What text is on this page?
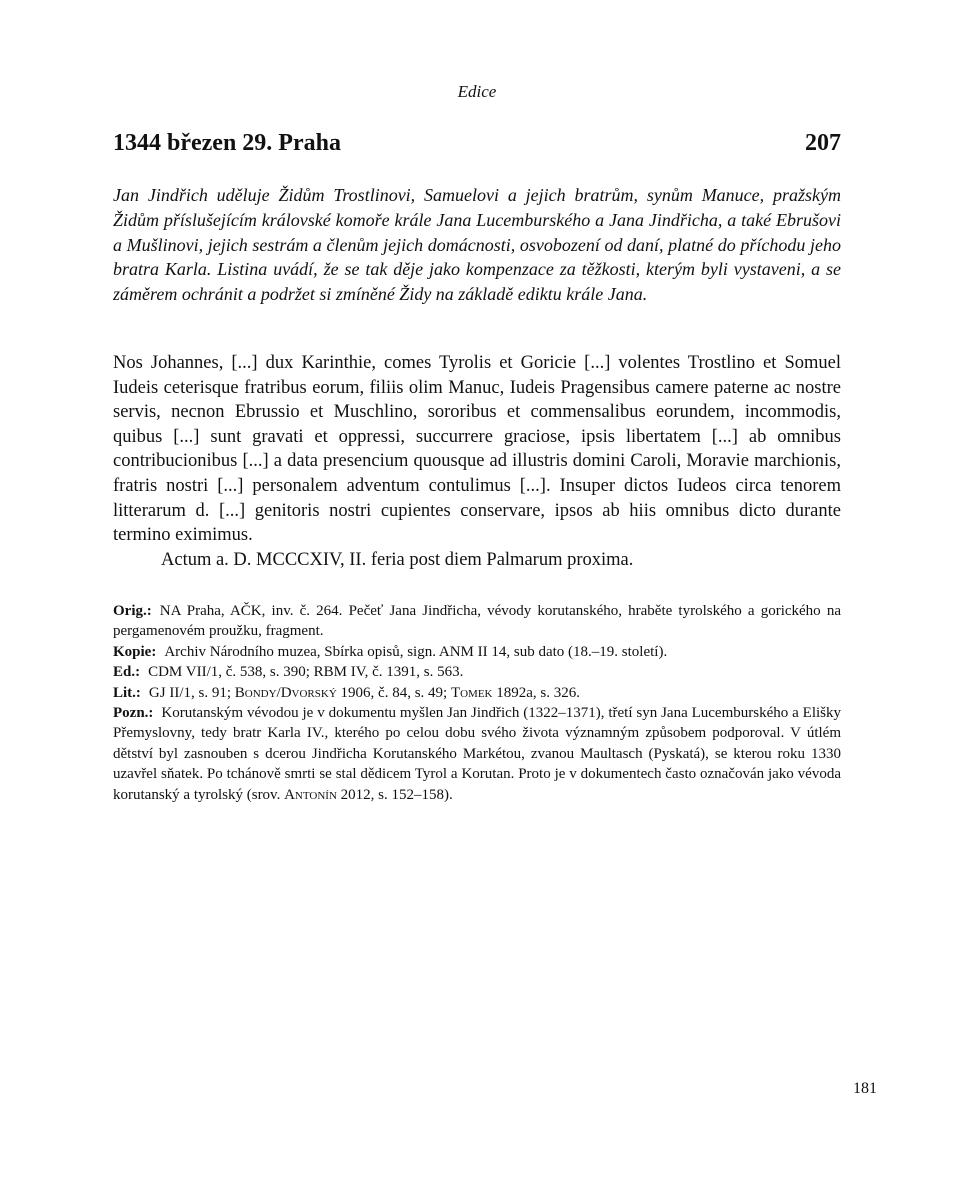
Edice
1344 březen 29. Praha	207
Jan Jindřich uděluje Židům Trostlinovi, Samuelovi a jejich bratrům, synům Manuce, pražským Židům příslušejícím královské komoře krále Jana Lucemburského a Jana Jindřicha, a také Ebrušovi a Mušlinovi, jejich sestrám a členům jejich domácnosti, osvobození od daní, platné do příchodu jeho bratra Karla. Listina uvádí, že se tak děje jako kompenzace za těžkosti, kterým byli vystaveni, a se záměrem ochránit a podržet si zmíněné Židy na základě ediktu krále Jana.

Nos Johannes, [...] dux Karinthie, comes Tyrolis et Goricie [...] volentes Trostlino et Somuel Iudeis ceterisque fratribus eorum, filiis olim Manuc, Iudeis Pragensibus camere paterne ac nostre servis, necnon Ebrussio et Muschlino, sororibus et commensalibus eorundem, incommodis, quibus [...] sunt gravati et oppressi, succurrere graciose, ipsis libertatem [...] ab omnibus contribucionibus [...] a data presencium quousque ad illustris domini Caroli, Moravie marchionis, fratris nostri [...] personalem adventum contulimus [...]. Insuper dictos Iudeos circa tenorem litterarum d. [...] genitoris nostri cupientes conservare, ipsos ab hiis omnibus dicto durante termino eximimus.

Actum a. D. MCCCXIV, II. feria post diem Palmarum proxima.

Orig.: NA Praha, AČK, inv. č. 264. Pečeť Jana Jindřicha, vévody korutanského, hraběte tyrolského a gorického na pergamenovém proužku, fragment.

Kopie: Archiv Národního muzea, Sbírka opisů, sign. ANM II 14, sub dato (18.–19. století).

Ed.: CDM VII/1, č. 538, s. 390; RBM IV, č. 1391, s. 563.

Lit.: GJ II/1, s. 91; Bondy/Dvorský 1906, č. 84, s. 49; Tomek 1892a, s. 326.

Pozn.: Korutanským vévodou je v dokumentu myšlen Jan Jindřich (1322–1371), třetí syn Jana Lucemburského a Elišky Přemyslovny, tedy bratr Karla IV., kterého po celou dobu svého života významným způsobem podporoval. V útlém dětství byl zasnouben s dcerou Jindřicha Korutanského Markétou, zvanou Maultasch (Pyskatá), se kterou roku 1330 uzavřel sňatek. Po tchánově smrti se stal dědicem Tyrol a Korutan. Proto je v dokumentech často označován jako vévoda korutanský a tyrolský (srov. Antonín 2012, s. 152–158).

181
